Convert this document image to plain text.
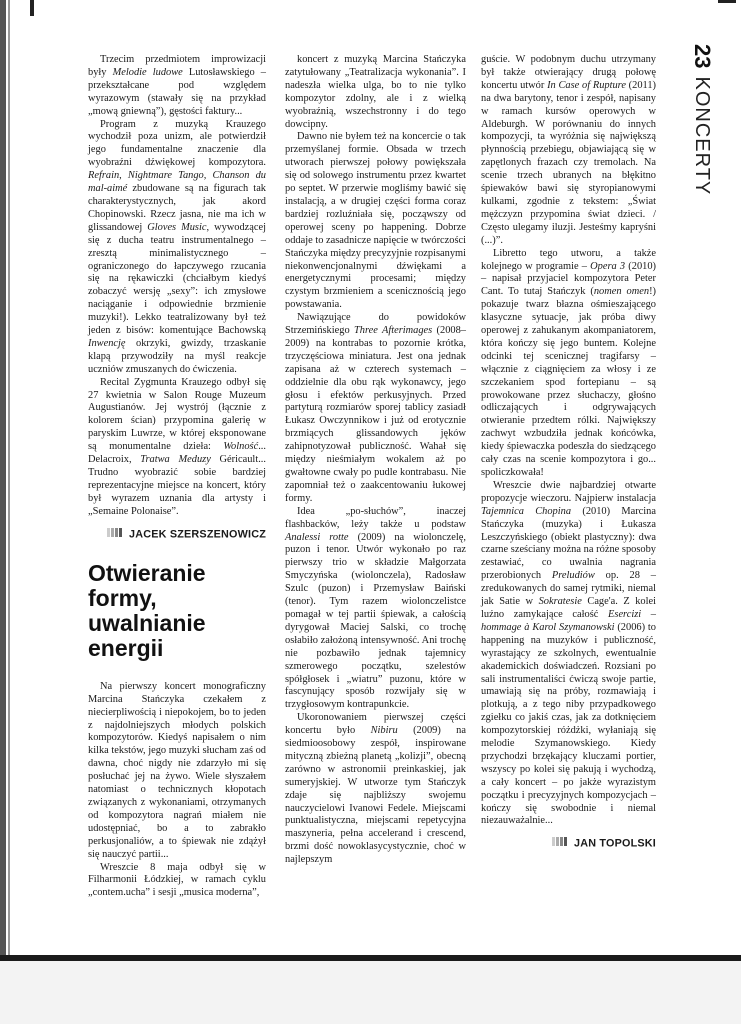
Trzecim przedmiotem improwizacji były Melodie ludowe Lutosławskiego – przekształcane pod względem wyrazowym (stawały się na przykład „mową gniewną”), gęstości faktury...

Program z muzyką Krauzego wychodził poza unizm, ale potwierdził jego fundamentalne znaczenie dla wyobraźni dźwiękowej kompozytora. Refrain, Nightmare Tango, Chanson du mal-aimé zbudowane są na figurach tak charakterystycznych, jak akord Chopinowski. Rzecz jasna, nie ma ich w glissandowej Gloves Music, wywodzącej się z ducha teatru instrumentalnego – zresztą minimalistycznego – ograniczonego do łapczywego rzucania się na rękawiczki (chciałbym kiedyś zobaczyć wersję „sexy”: ich zmysłowe naciąganie i odpowiednie brzmienie muzyki!). Lekko teatralizowany był też jeden z bisów: komentujące Bachowską Inwencję okrzyki, gwizdy, trzaskanie klapą przywodziły na myśl reakcje uczniów zmuszanych do ćwiczenia.

Recital Zygmunta Krauzego odbył się 27 kwietnia w Salon Rouge Muzeum Augustianów. Jej wystrój (łącznie z kolorem ścian) przypomina galerię w paryskim Luwrze, w której eksponowane są monumentalne dzieła: Wolność... Delacroix, Tratwa Meduzy Géricault... Trudno wyobrazić sobie bardziej reprezentacyjne miejsce na koncert, który był wyrazem uznania dla artysty i „Semaine Polonaise”.

JACEK SZERSZENOWICZ
Otwieranie formy,
uwalnianie
energii

Na pierwszy koncert monograficzny Marcina Stańczyka czekałem z niecierpliwością i niepokojem, bo to jeden z najdolniejszych młodych polskich kompozytorów. Kiedyś napisałem o nim kilka tekstów, jego muzyki słucham zaś od dawna, choć nigdy nie zdarzyło mi się posłuchać jej na żywo. Wiele słyszałem natomiast o technicznych kłopotach związanych z wykonaniami, otrzymanych od kompozytora nagrań miałem nie udostępniać, bo a to zabrakło perkusjonaliów, a to śpiewak nie zdążył się nauczyć partii...

Wreszcie 8 maja odbył się w Filharmonii Łódzkiej, w ramach cyklu „contem.ucha” i sesji „musica moderna”,

koncert z muzyką Marcina Stańczyka zatytułowany „Teatralizacja wykonania”. I nadeszła wielka ulga, bo to nie tylko kompozytor zdolny, ale i z wielką wyobraźnią, wszechstronny i do tego dowcipny.

Dawno nie byłem też na koncercie o tak przemyślanej formie. Obsada w trzech utworach pierwszej połowy powiększała się od solowego instrumentu przez kwartet po septet. W przerwie mogliśmy bawić się instalacją, a w drugiej części forma coraz bardziej rozluźniała się, począwszy od operowej sceny po happening. Dobrze oddaje to zasadnicze napięcie w twórczości Stańczyka między precyzyjnie rozpisanymi niekonwencjonalnymi dźwiękami a energetycznymi procesami; między czystym brzmieniem a scenicznością jego powstawania.

Nawiązujące do powidoków Strzemińskiego Three Afterimages (2008–2009) na kontrabas to pozornie krótka, trzyczęściowa miniatura. Jest ona jednak zapisana aż w czterech systemach – oddzielnie dla obu rąk wykonawcy, jego głosu i efektów perkusyjnych. Przed partyturą rozmiarów sporej tablicy zasiadł Łukasz Owczynnikow i już od erotycznie brzmiących glissandowych jęków zahipnotyzował publiczność. Wahał się między nieśmiałym wokalem aż po gwałtowne cwały po pudle kontrabasu. Nie zapomniał też o zaakcentowaniu łukowej formy.

Idea „po-słuchów”, inaczej flashbacków, leży także u podstaw Analessi rotte (2009) na wiolonczelę, puzon i tenor. Utwór wykonało po raz pierwszy trio w składzie Małgorzata Smyczyńska (wiolonczela), Radosław Szulc (puzon) i Przemysław Baiński (tenor). Tym razem wiolonczelistce pomagał w tej partii śpiewak, a całością dyrygował Maciej Salski, co trochę osłabiło założoną intensywność. Ani trochę nie pozbawiło jednak tajemnicy szmerowego początku, szelestów spółgłosek i „wiatru” puzonu, które w fascynujący sposób rozwijały się w trzygłosowym kontrapunkcie.

Ukoronowaniem pierwszej części koncertu było Nibiru (2009) na siedmioosobowy zespół, inspirowane mityczną zbieżną planetą „kolizji”, obecną zarówno w astronomii preinkaskiej, jak sumeryjskiej. W utworze tym Stańczyk zdaje się najbliższy swojemu nauczycielowi Ivanowi Fedele. Miejscami punktualistyczna, miejscami repetycyjna maszyneria, pełna accelerand i crescend, brzmi dość nowoklasycystycznie, choć w najlepszym

guście. W podobnym duchu utrzymany był także otwierający drugą połowę koncertu utwór In Case of Rupture (2011) na dwa barytony, tenor i zespół, napisany w ramach kursów operowych w Aldeburgh. W porównaniu do innych kompozycji, ta wyróżnia się największą płynnością przebiegu, objawiającą się w zapętlonych frazach czy tremolach. Na scenie trzech ubranych na błękitno śpiewaków bawi się styropianowymi kulkami, zgodnie z tekstem: „Świat mężczyzn przypomina świat dzieci. / Często ulegamy iluzji. Jesteśmy kapryśni (...)”.

Libretto tego utworu, a także kolejnego w programie – Opera 3 (2010) – napisał przyjaciel kompozytora Peter Cant. To tutaj Stańczyk (nomen omen!) pokazuje twarz błazna ośmieszającego klasyczne sytuacje, jak próba diwy operowej z zahukanym akompaniatorem, która kończy się jego buntem. Kolejne odcinki tej scenicznej tragifarsy – włącznie z ciągnięciem za włosy i ze szczekaniem spod fortepianu – są prowokowane przez słuchaczy, głośno odliczających i odgrywających otwieranie przedtem rólki. Największy zachwyt wzbudziła jednak końcówka, kiedy śpiewaczka podeszła do siedzącego cały czas na scenie kompozytora i go... spoliczkowała!

Wreszcie dwie najbardziej otwarte propozycje wieczoru. Najpierw instalacja Tajemnica Chopina (2010) Marcina Stańczyka (muzyka) i Łukasza Leszczyńskiego (obiekt plastyczny): dwa czarne sześciany można na różne sposoby zestawiać, co uwalnia nagrania przerobionych Preludiów op. 28 – zredukowanych do samej rytmiki, niemal jak Satie w Sokratesie Cage'a. Z kolei luźno zamykające całość Esercizi – hommage à Karol Szymanowski (2006) to happening na muzyków i publiczność, wyrastający ze szkolnych, ewentualnie akademickich doświadczeń. Rozsiani po sali instrumentaliści ćwiczą swoje partie, umawiają się na próby, rozmawiają i plotkują, a z tego niby przypadkowego zgiełku co jakiś czas, jak za dotknięciem kompozytorskiej różdżki, wyłaniają się melodie Szymanowskiego. Kiedy przychodzi brzękający kluczami portier, wszyscy po kolei się pakują i wychodzą, a cały koncert – po jakże wyrazistym początku i precyzyjnych kompozycjach – kończy się swobodnie i niemal niezauważalnie...

JAN TOPOLSKI
23
KONCERTY
